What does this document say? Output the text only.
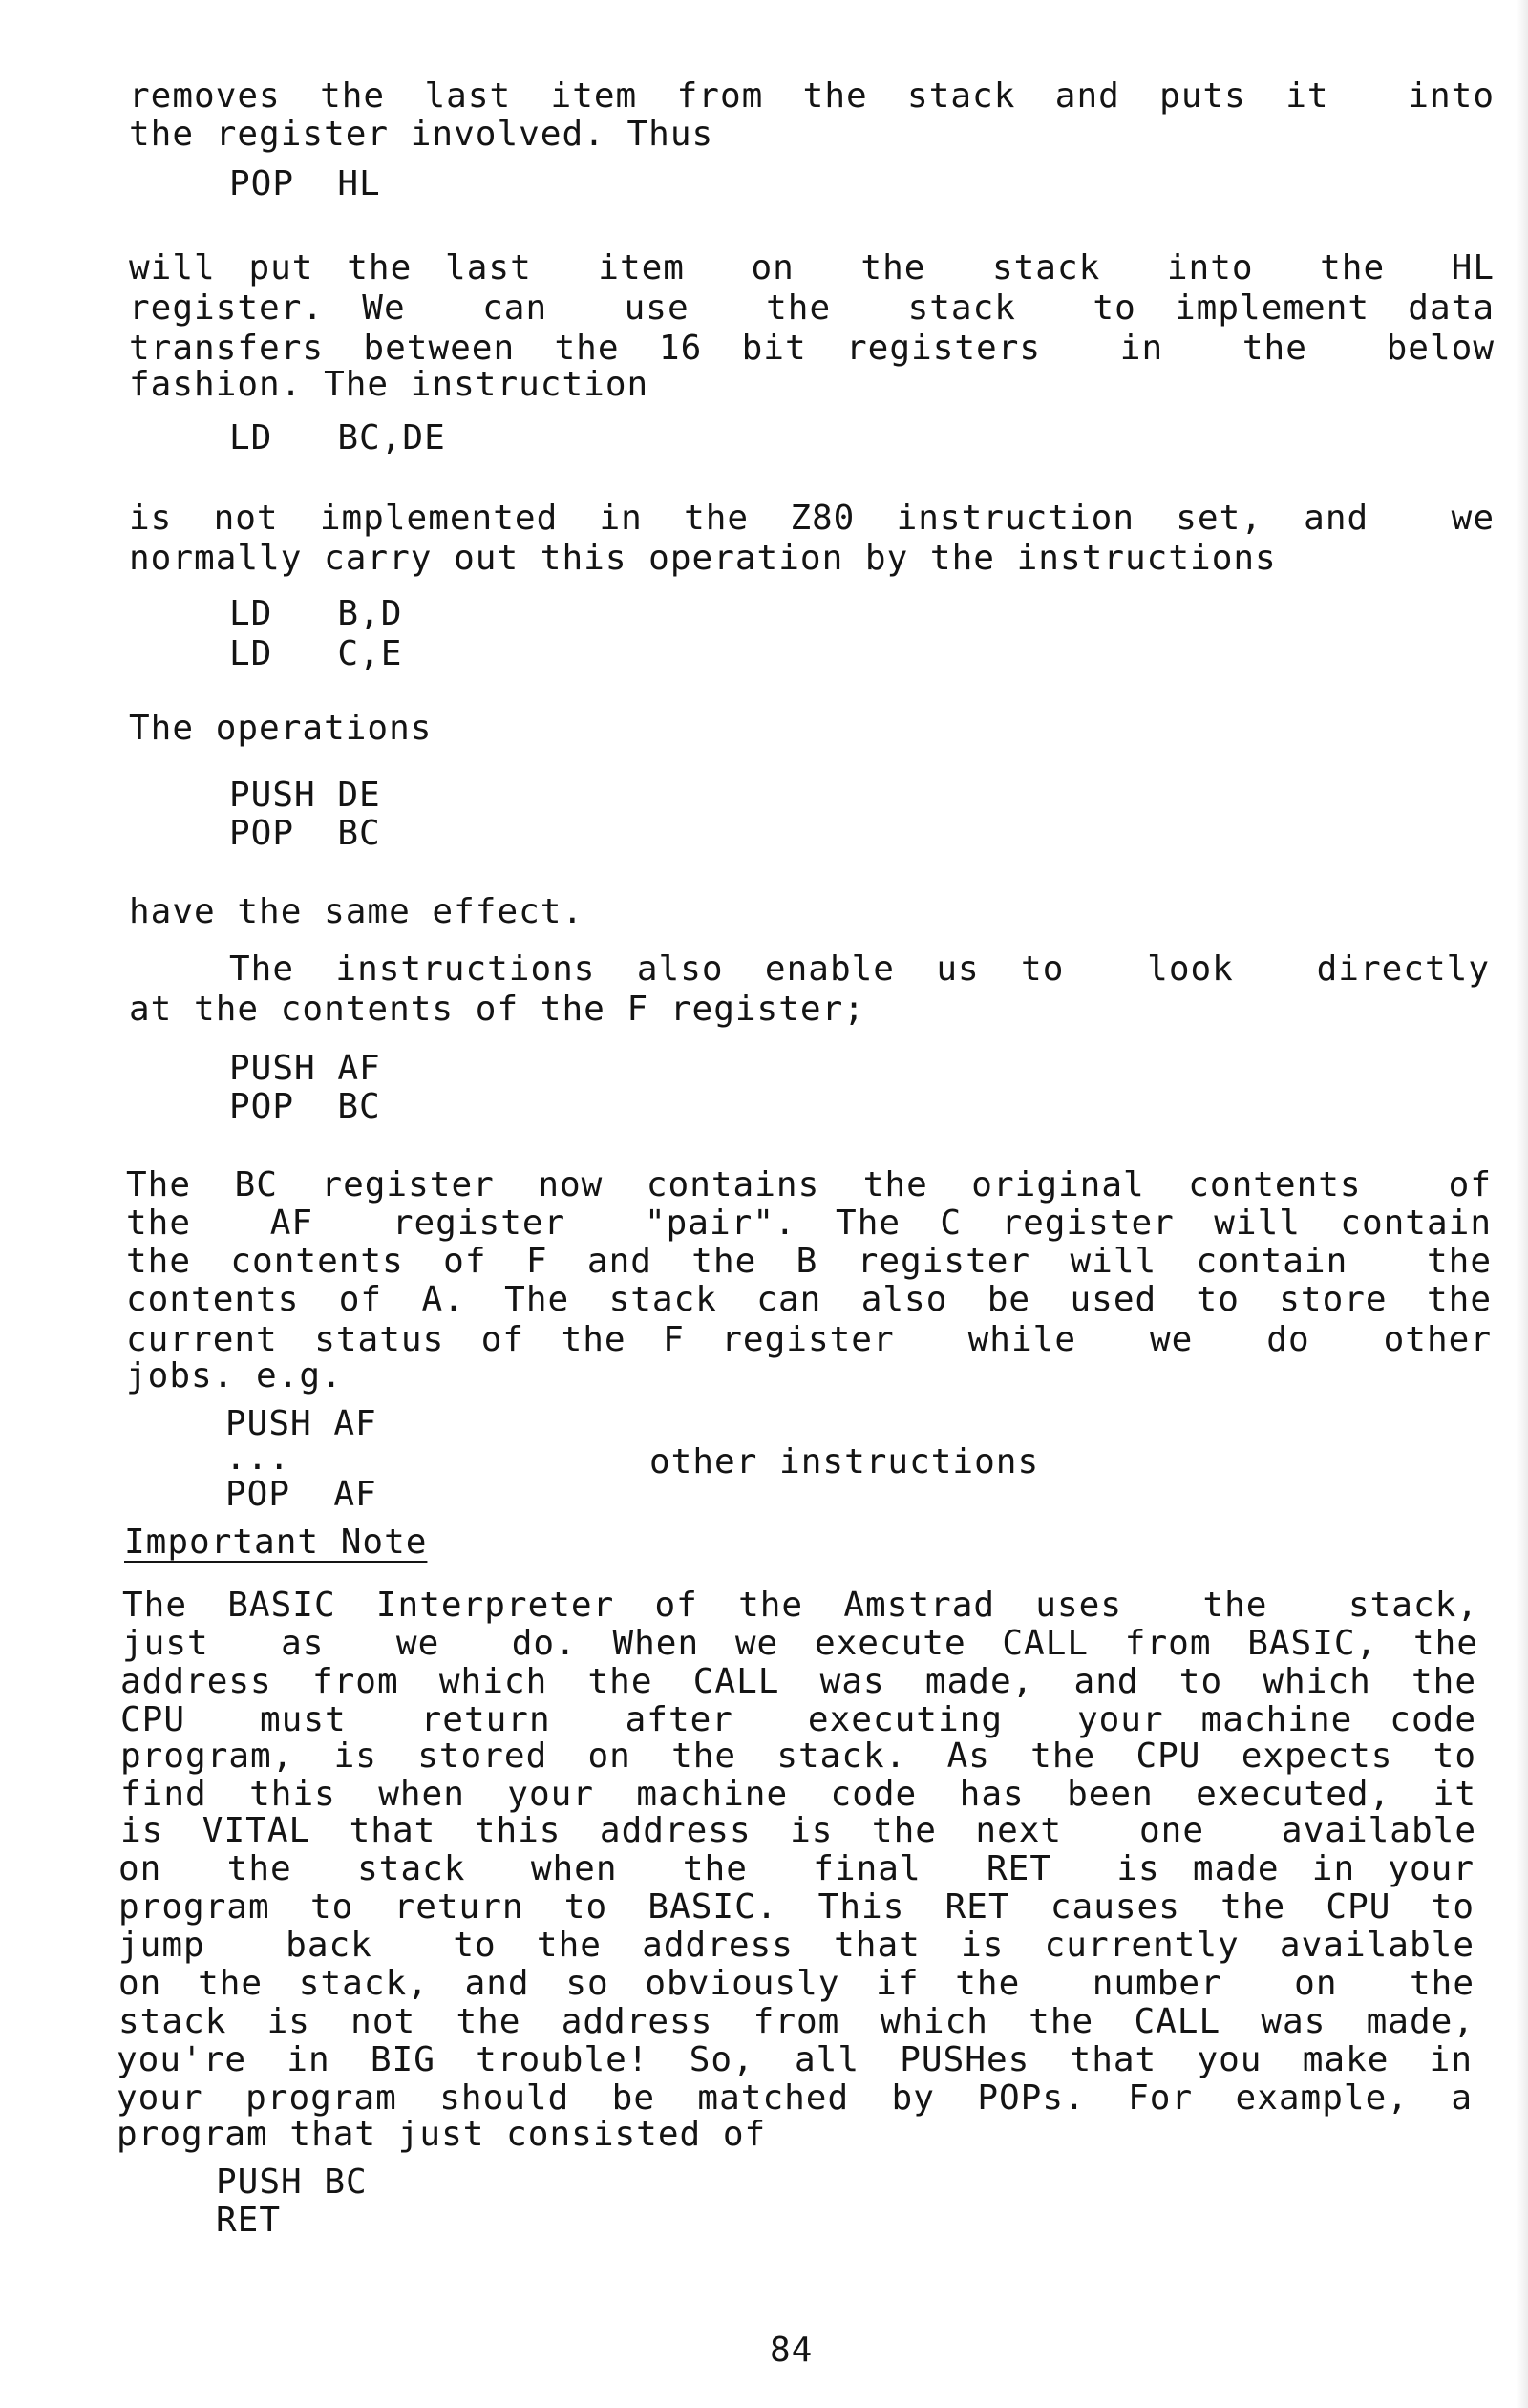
removes the last item from the stack and puts it  into

the register involved. Thus

POP  HL

will put the last  item  on  the  stack  into  the  HL

register. We  can  use  the  stack  to implement data

transfers between the 16 bit registers  in  the  below

fashion. The instruction

LD   BC,DE

is not implemented in the Z80 instruction set, and  we

normally carry out this operation by the instructions

LD   B,D

LD   C,E

The operations

PUSH DE

POP  BC

have the same effect.

The instructions also enable us to  look  directly

at the contents of the F register;

PUSH AF

POP  BC

The BC register now contains the original contents  of

the  AF  register  "pair". The C register will contain

the contents of F and the B register will contain  the

contents of A. The stack can also be used to store the

current status of the F register  while  we  do  other

jobs. e.g.

PUSH AF

...	other instructions

POP  AF

Important Note

The BASIC Interpreter of the Amstrad uses  the  stack,

just  as  we  do. When we execute CALL from BASIC, the

address from which the CALL was made, and to which the

CPU  must  return  after  executing  your machine code

program, is stored on the stack. As the CPU expects to

find this when your machine code has been executed, it

is VITAL that this address is the next  one  available

on  the  stack  when  the  final  RET  is made in your

program to return to BASIC. This RET causes the CPU to

jump  back  to the address that is currently available

on the stack, and so obviously if the  number  on  the

stack is not the address from which the CALL was made,

you're in BIG trouble! So, all PUSHes that you make in

your program should be matched by POPs. For example, a

program that just consisted of

PUSH BC

RET

84
